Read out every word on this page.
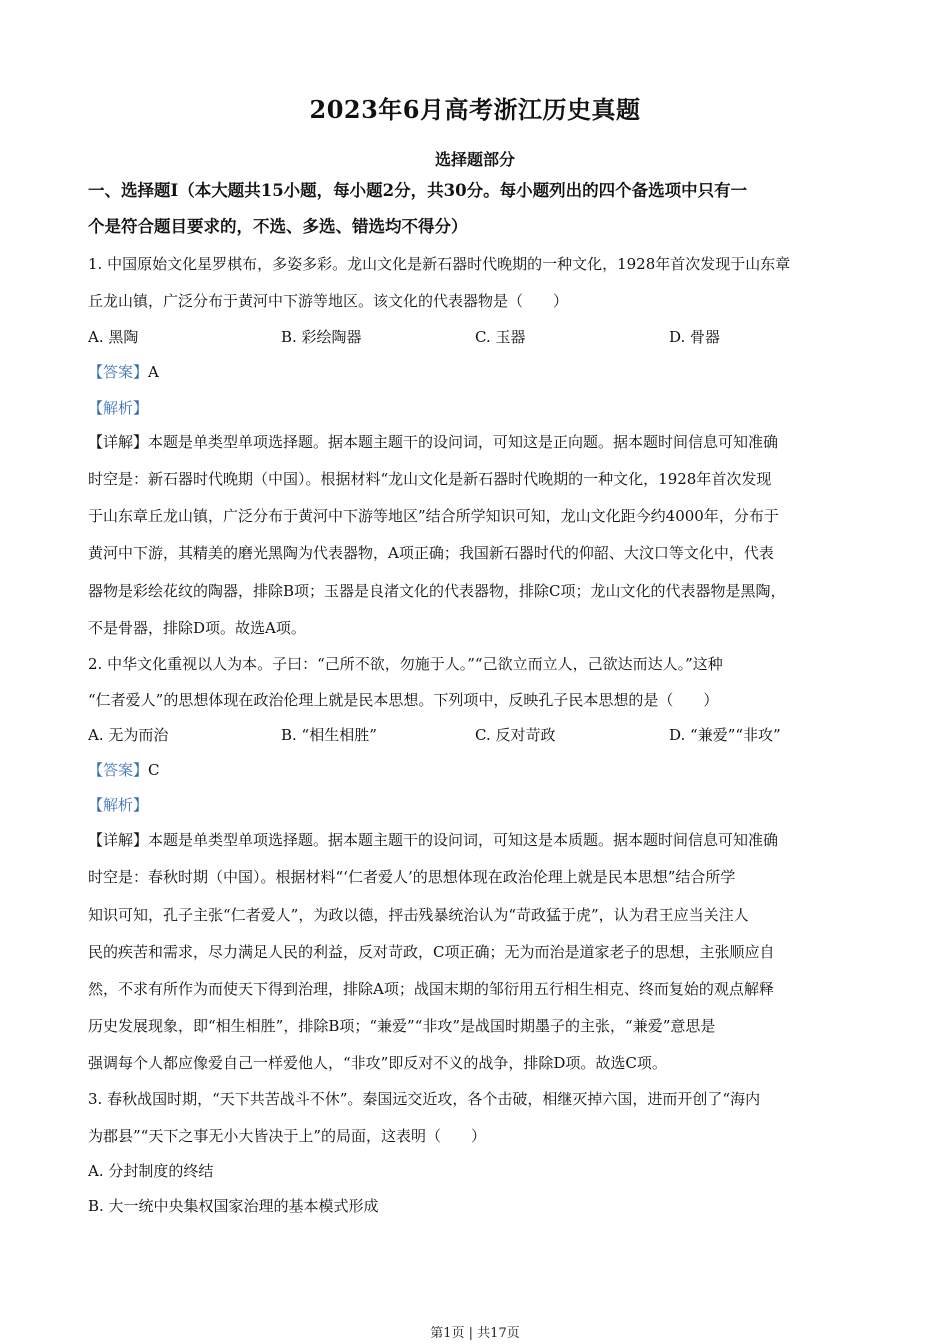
2023年6月高考浙江历史真题
选择题部分
一、选择题Ⅰ（本大题共15小题，每小题2分，共30分。每小题列出的四个备选项中只有一
个是符合题目要求的，不选、多选、错选均不得分）
1. 中国原始文化星罗棋布，多姿多彩。龙山文化是新石器时代晚期的一种文化，1928年首次发现于山东章
丘龙山镇，广泛分布于黄河中下游等地区。该文化的代表器物是（　　）
A. 黑陶	B. 彩绘陶器	C. 玉器	D. 骨器
【答案】A
【解析】
【详解】本题是单类型单项选择题。据本题主题干的设问词，可知这是正向题。据本题时间信息可知准确
时空是：新石器时代晚期（中国）。根据材料“龙山文化是新石器时代晚期的一种文化，1928年首次发现
于山东章丘龙山镇，广泛分布于黄河中下游等地区”结合所学知识可知，龙山文化距今约4000年，分布于
黄河中下游，其精美的磨光黑陶为代表器物，A项正确；我国新石器时代的仰韶、大汶口等文化中，代表
器物是彩绘花纹的陶器，排除B项；玉器是良渚文化的代表器物，排除C项；龙山文化的代表器物是黑陶，
不是骨器，排除D项。故选A项。
2. 中华文化重视以人为本。子曰：“己所不欲，勿施于人。”“己欲立而立人，己欲达而达人。”这种
“仁者爱人”的思想体现在政治伦理上就是民本思想。下列项中，反映孔子民本思想的是（　　）
A. 无为而治	B. “相生相胜”	C. 反对苛政	D. “兼爱”“非攻”
【答案】C
【解析】
【详解】本题是单类型单项选择题。据本题主题干的设问词，可知这是本质题。据本题时间信息可知准确
时空是：春秋时期（中国）。根据材料“‘仁者爱人’的思想体现在政治伦理上就是民本思想”结合所学
知识可知，孔子主张“仁者爱人”，为政以德，抨击残暴统治认为“苛政猛于虎”，认为君王应当关注人
民的疾苦和需求，尽力满足人民的利益，反对苛政，C项正确；无为而治是道家老子的思想，主张顺应自
然，不求有所作为而使天下得到治理，排除A项；战国末期的邹衍用五行相生相克、终而复始的观点解释
历史发展现象，即“相生相胜”，排除B项；“兼爱”“非攻”是战国时期墨子的主张，“兼爱”意思是
强调每个人都应像爱自己一样爱他人，“非攻”即反对不义的战争，排除D项。故选C项。
3. 春秋战国时期，“天下共苦战斗不休”。秦国远交近攻，各个击破，相继灭掉六国，进而开创了“海内
为郡县”“天下之事无小大皆决于上”的局面，这表明（　　）
A. 分封制度的终结
B. 大一统中央集权国家治理的基本模式形成
第1页 | 共17页
